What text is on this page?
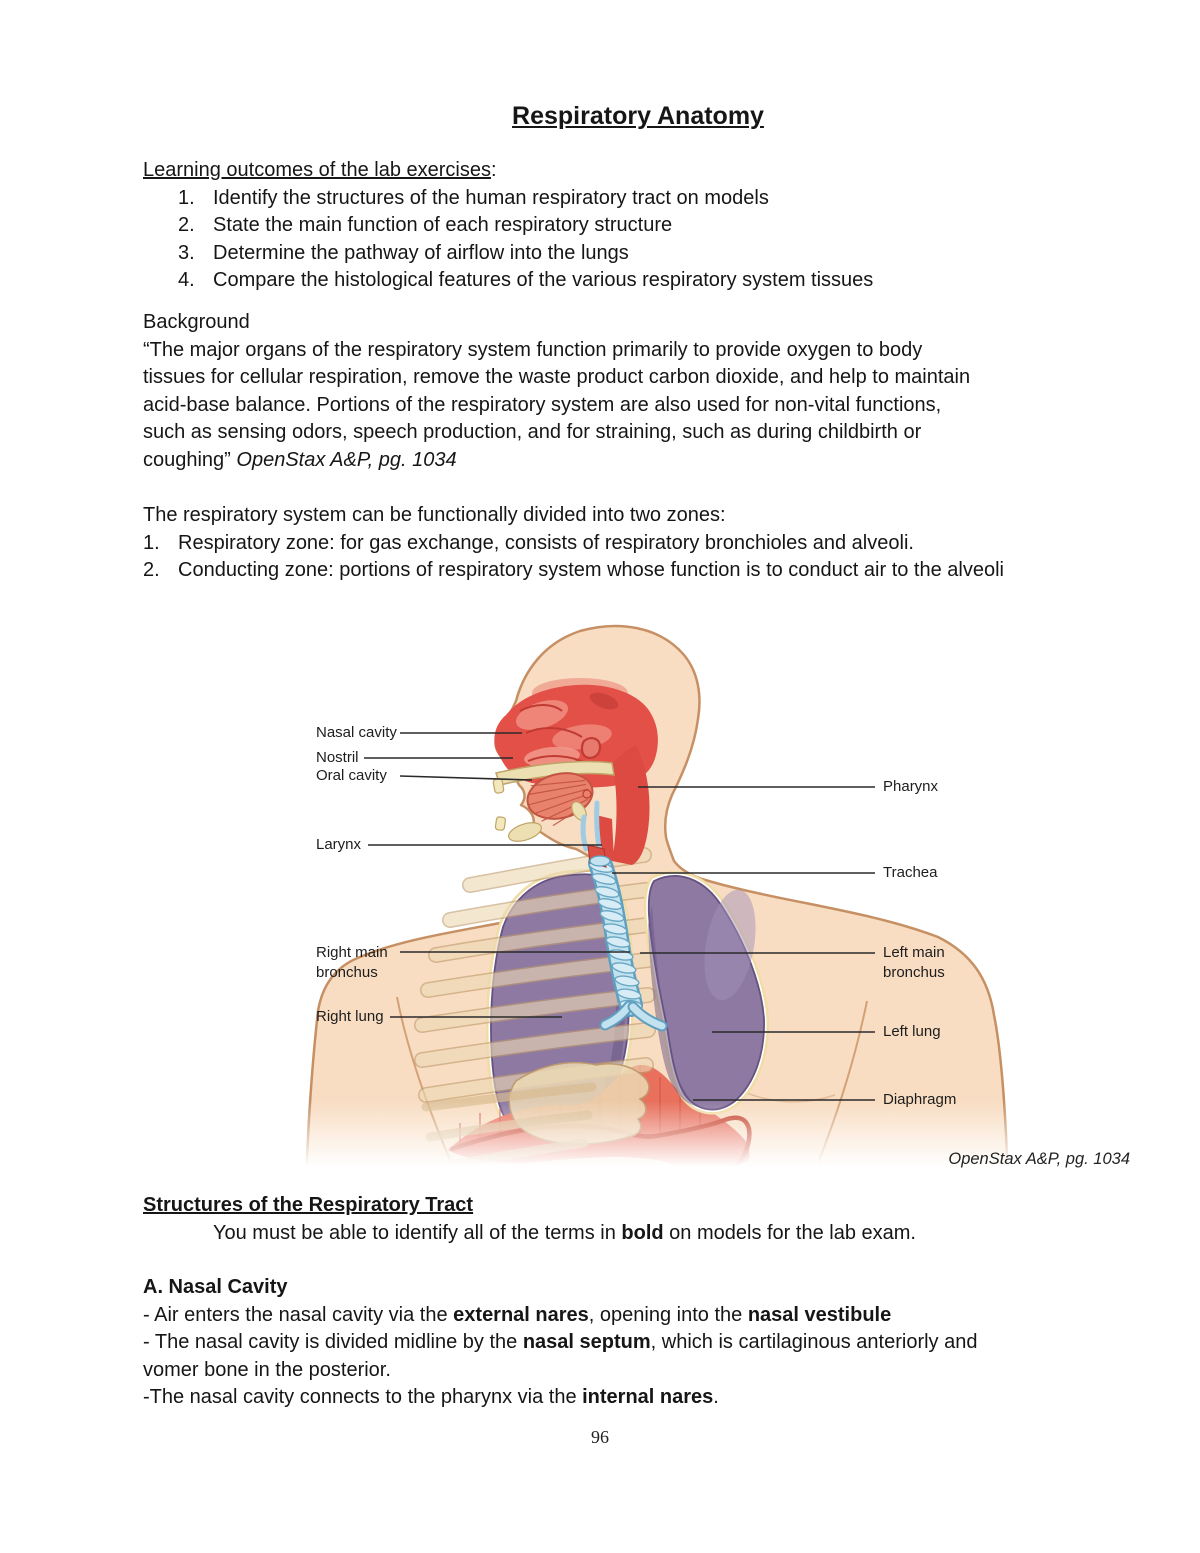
Respiratory Anatomy
Learning outcomes of the lab exercises:
1. Identify the structures of the human respiratory tract on models
2. State the main function of each respiratory structure
3. Determine the pathway of airflow into the lungs
4. Compare the histological features of the various respiratory system tissues
Background
“The major organs of the respiratory system function primarily to provide oxygen to body
tissues for cellular respiration, remove the waste product carbon dioxide, and help to maintain
acid-base balance. Portions of the respiratory system are also used for non-vital functions,
such as sensing odors, speech production, and for straining, such as during childbirth or
coughing” OpenStax A&P, pg. 1034
The respiratory system can be functionally divided into two zones:
1. Respiratory zone: for gas exchange, consists of respiratory bronchioles and alveoli.
2. Conducting zone: portions of respiratory system whose function is to conduct air to the alveoli
Nasal cavity
Nostril
Oral cavity
Larynx
Right main bronchus
Right lung
Pharynx
Trachea
Left main bronchus
Left lung
Diaphragm
OpenStax A&P, pg. 1034
Structures of the Respiratory Tract
You must be able to identify all of the terms in bold on models for the lab exam.
A. Nasal Cavity
- Air enters the nasal cavity via the external nares, opening into the nasal vestibule
- The nasal cavity is divided midline by the nasal septum, which is cartilaginous anteriorly and
vomer bone in the posterior.
-The nasal cavity connects to the pharynx via the internal nares.
96
